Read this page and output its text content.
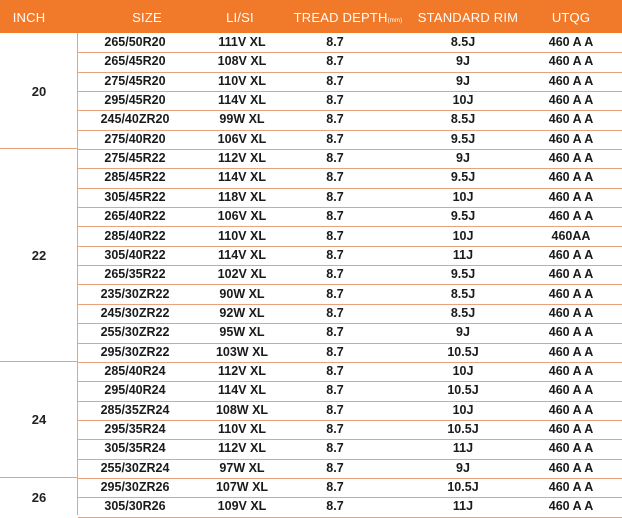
INCH	SIZE	LI/SI	TREAD DEPTH(mm)	STANDARD RIM	UTQG
20
265/50R20	111V XL	8.7	8.5J	460 A A
265/45R20	108V XL	8.7	9J	460 A A
275/45R20	110V XL	8.7	9J	460 A A
295/45R20	114V XL	8.7	10J	460 A A
245/40ZR20	99W XL	8.7	8.5J	460 A A
275/40R20	106V XL	8.7	9.5J	460 A A
22
275/45R22	112V XL	8.7	9J	460 A A
285/45R22	114V XL	8.7	9.5J	460 A A
305/45R22	118V XL	8.7	10J	460 A A
265/40R22	106V XL	8.7	9.5J	460 A A
285/40R22	110V XL	8.7	10J	460AA
305/40R22	114V XL	8.7	11J	460 A A
265/35R22	102V XL	8.7	9.5J	460 A A
235/30ZR22	90W XL	8.7	8.5J	460 A A
245/30ZR22	92W XL	8.7	8.5J	460 A A
255/30ZR22	95W XL	8.7	9J	460 A A
295/30ZR22	103W XL	8.7	10.5J	460 A A
24
285/40R24	112V XL	8.7	10J	460 A A
295/40R24	114V XL	8.7	10.5J	460 A A
285/35ZR24	108W XL	8.7	10J	460 A A
295/35R24	110V XL	8.7	10.5J	460 A A
305/35R24	112V XL	8.7	11J	460 A A
255/30ZR24	97W XL	8.7	9J	460 A A
26
295/30ZR26	107W XL	8.7	10.5J	460 A A
305/30R26	109V XL	8.7	11J	460 A A
